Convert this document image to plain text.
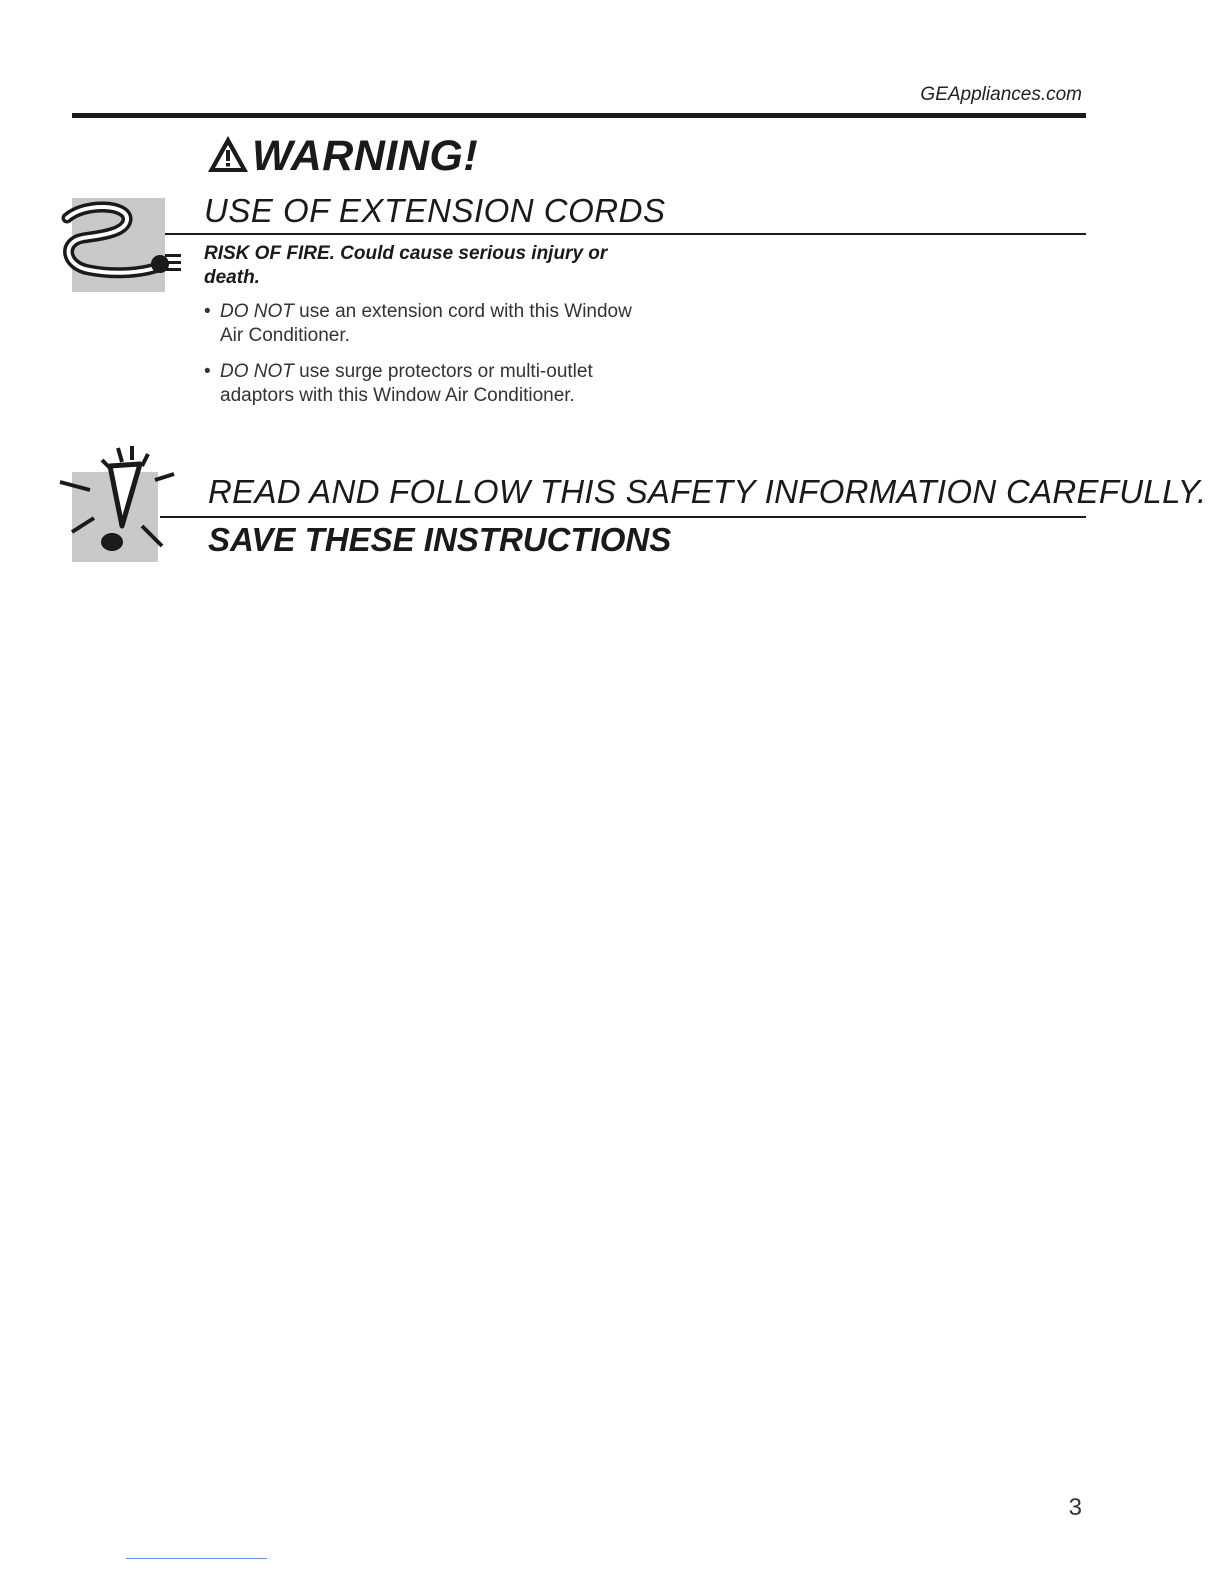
GEAppliances.com
WARNING!
USE OF EXTENSION CORDS
RISK OF FIRE. Could cause serious injury or death.
• DO NOT use an extension cord with this Window Air Conditioner.
• DO NOT use surge protectors or multi-outlet adaptors with this Window Air Conditioner.
READ AND FOLLOW THIS SAFETY INFORMATION CAREFULLY.
SAVE THESE INSTRUCTIONS
3
